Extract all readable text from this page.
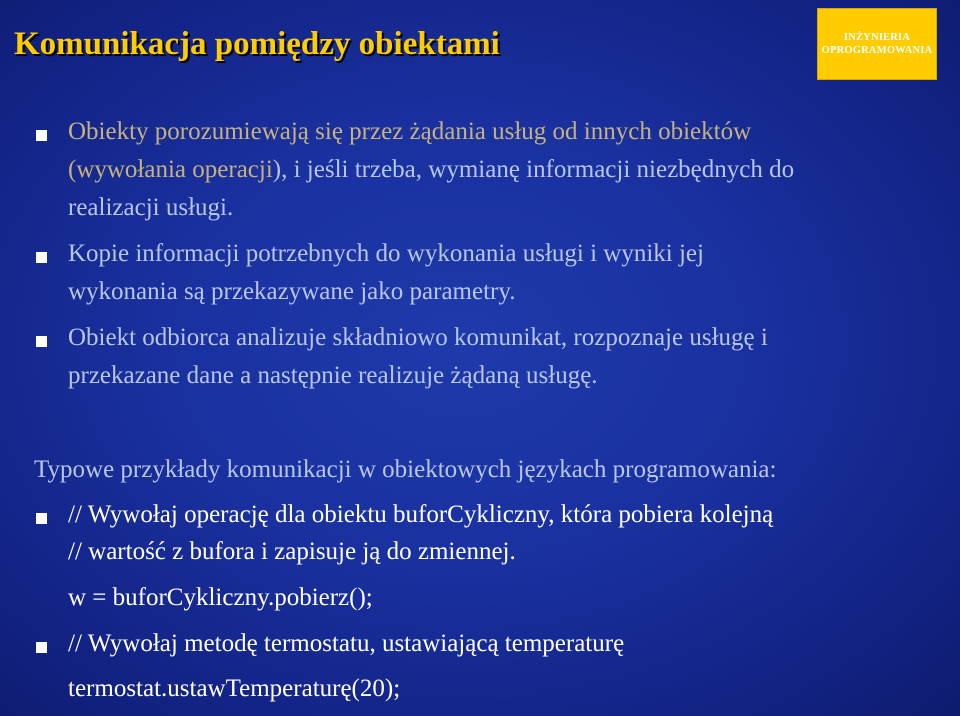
Komunikacja pomiędzy obiektami	INŻYNIERIA
OPROGRAMOWANIA
Obiekty porozumiewają się przez żądania usług od innych obiektów
(wywołania operacji), i jeśli trzeba, wymianę informacji niezbędnych do
realizacji usługi.
Kopie informacji potrzebnych do wykonania usługi i wyniki jej
wykonania są przekazywane jako parametry.
Obiekt odbiorca analizuje składniowo komunikat, rozpoznaje usługę i
przekazane dane a następnie realizuje żądaną usługę.
Typowe przykłady komunikacji w obiektowych językach programowania:
// Wywołaj operację dla obiektu buforCykliczny, która pobiera kolejną
// wartość z bufora i zapisuje ją do zmiennej.
w = buforCykliczny.pobierz();
// Wywołaj metodę termostatu, ustawiającą temperaturę
termostat.ustawTemperaturę(20);
